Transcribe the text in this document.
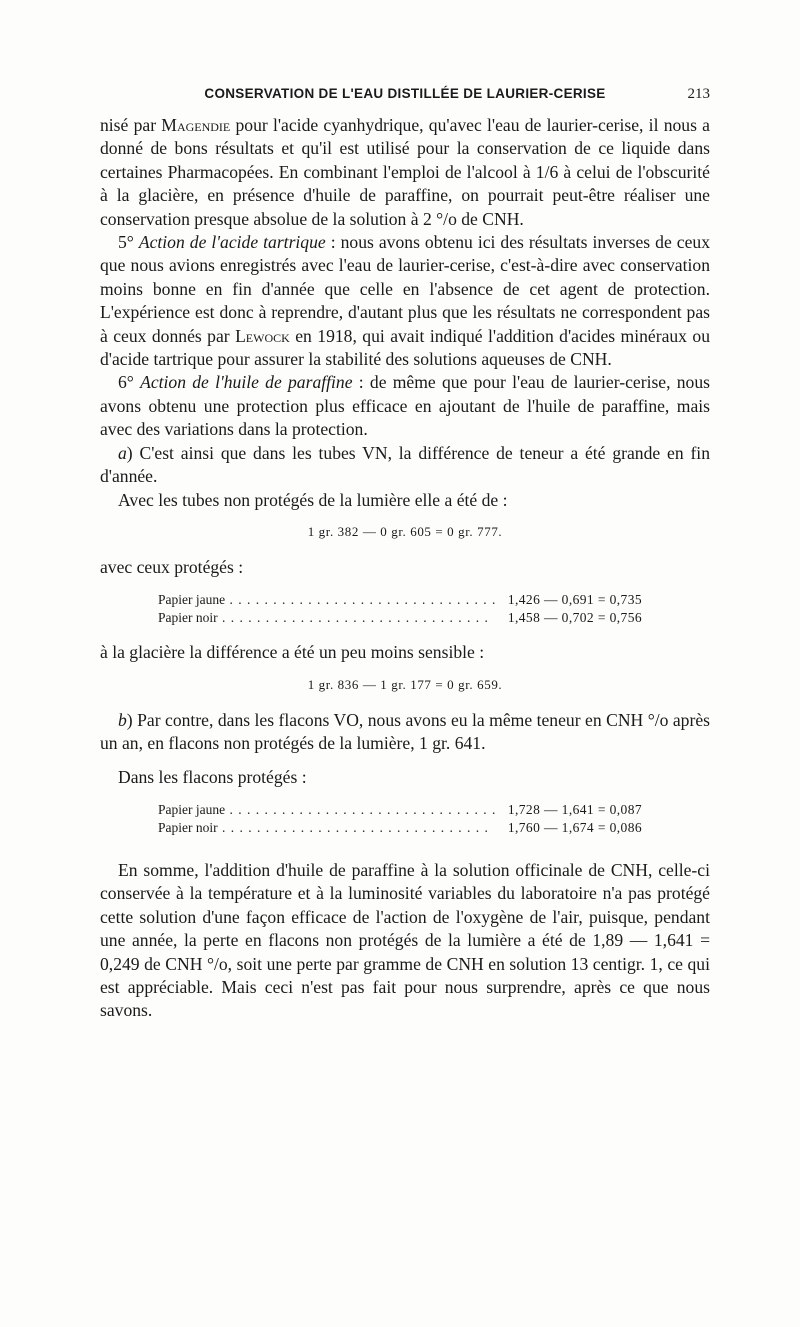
CONSERVATION DE L'EAU DISTILLÉE DE LAURIER-CERISE	213

nisé par Magendie pour l'acide cyanhydrique, qu'avec l'eau de laurier-cerise, il nous a donné de bons résultats et qu'il est utilisé pour la conservation de ce liquide dans certaines Pharmacopées. En combinant l'emploi de l'alcool à 1/6 à celui de l'obscurité à la glacière, en présence d'huile de paraffine, on pourrait peut-être réaliser une conservation presque absolue de la solution à 2 °/o de CNH.

5° Action de l'acide tartrique : nous avons obtenu ici des résultats inverses de ceux que nous avions enregistrés avec l'eau de laurier-cerise, c'est-à-dire avec conservation moins bonne en fin d'année que celle en l'absence de cet agent de protection. L'expérience est donc à reprendre, d'autant plus que les résultats ne correspondent pas à ceux donnés par Lewock en 1918, qui avait indiqué l'addition d'acides minéraux ou d'acide tartrique pour assurer la stabilité des solutions aqueuses de CNH.

6° Action de l'huile de paraffine : de même que pour l'eau de laurier-cerise, nous avons obtenu une protection plus efficace en ajoutant de l'huile de paraffine, mais avec des variations dans la protection.

a) C'est ainsi que dans les tubes VN, la différence de teneur a été grande en fin d'année.

Avec les tubes non protégés de la lumière elle a été de :

1 gr. 382 — 0 gr. 605 = 0 gr. 777.

avec ceux protégés :

Papier jaune . . .	1,426 — 0,691 = 0,735
Papier noir . . .	1,458 — 0,702 = 0,756

à la glacière la différence a été un peu moins sensible :

1 gr. 836 — 1 gr. 177 = 0 gr. 659.

b) Par contre, dans les flacons VO, nous avons eu la même teneur en CNH °/o après un an, en flacons non protégés de la lumière, 1 gr. 641.

Dans les flacons protégés :

Papier jaune . . .	1,728 — 1,641 = 0,087
Papier noir . . .	1,760 — 1,674 = 0,086

En somme, l'addition d'huile de paraffine à la solution officinale de CNH, celle-ci conservée à la température et à la luminosité variables du laboratoire n'a pas protégé cette solution d'une façon efficace de l'action de l'oxygène de l'air, puisque, pendant une année, la perte en flacons non protégés de la lumière a été de 1,89 — 1,641 = 0,249 de CNH °/o, soit une perte par gramme de CNH en solution 13 centigr. 1, ce qui est appréciable. Mais ceci n'est pas fait pour nous surprendre, après ce que nous savons.
